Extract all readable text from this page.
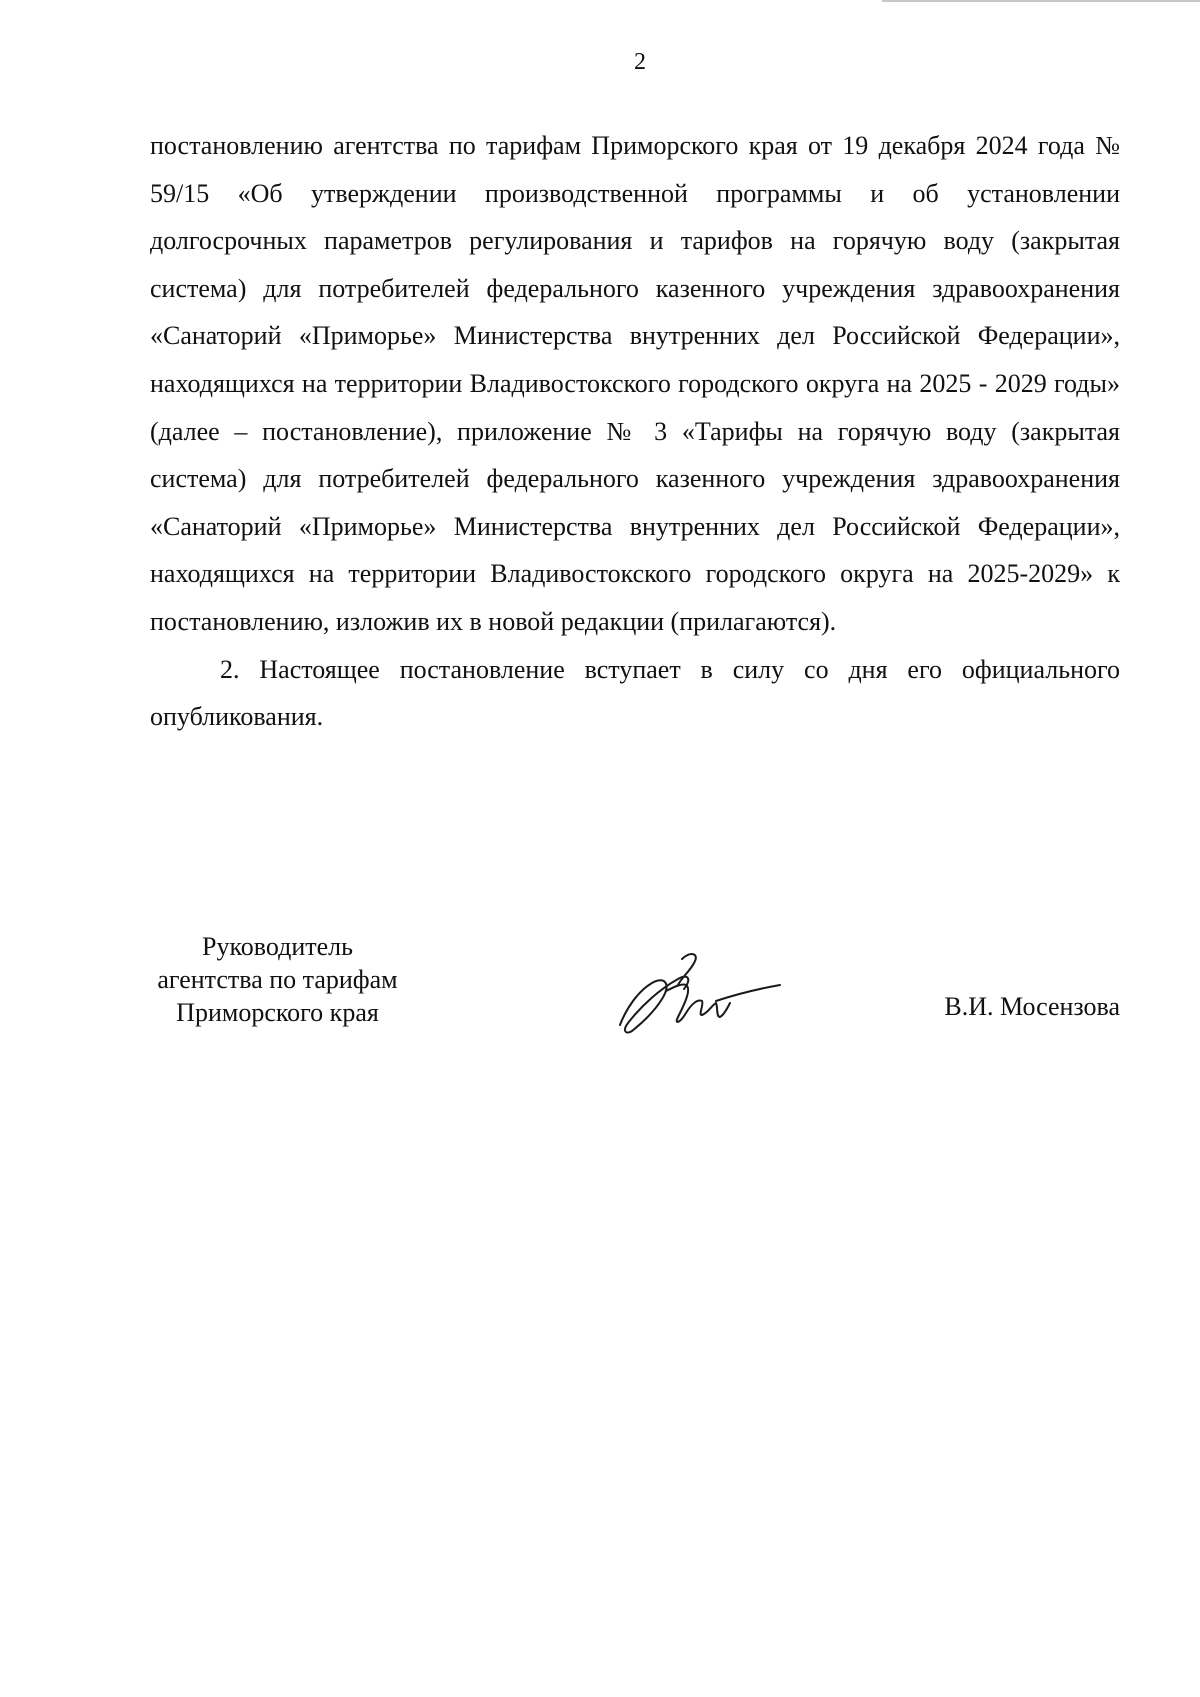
2

постановлению агентства по тарифам Приморского края от 19 декабря 2024 года № 59/15 «Об утверждении производственной программы и об установлении долгосрочных параметров регулирования и тарифов на горячую воду (закрытая система) для потребителей федерального казенного учреждения здравоохранения «Санаторий «Приморье» Министерства внутренних дел Российской Федерации», находящихся на территории Владивостокского городского округа на 2025 - 2029 годы» (далее – постановление), приложение № 3 «Тарифы на горячую воду (закрытая система) для потребителей федерального казенного учреждения здравоохранения «Санаторий «Приморье» Министерства внутренних дел Российской Федерации», находящихся на территории Владивостокского городского округа на 2025-2029» к постановлению, изложив их в новой редакции (прилагаются).

2. Настоящее постановление вступает в силу со дня его официального опубликования.

Руководитель
агентства по тарифам
Приморского края	В.И. Мосензова
